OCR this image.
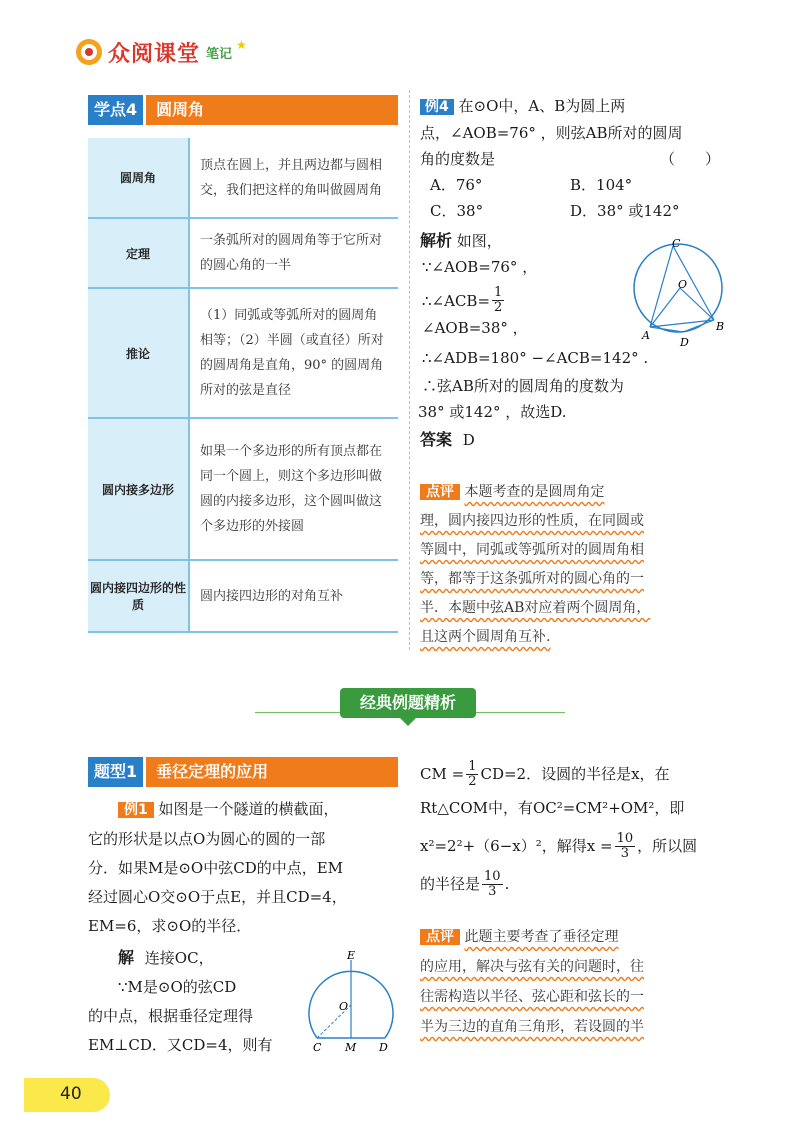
众阅课堂 笔记
★
学点4	圆周角
圆周角	顶点在圆上，并且两边都与圆相交，我们把这样的角叫做圆周角
定理	一条弧所对的圆周角等于它所对的圆心角的一半
推论	（1）同弧或等弧所对的圆周角相等；（2）半圆（或直径）所对的圆周角是直角，90° 的圆周角所对的弦是直径
圆内接多边形	如果一个多边形的所有顶点都在同一个圆上，则这个多边形叫做圆的内接多边形，这个圆叫做这个多边形的外接圆
圆内接四边形的性质	圆内接四边形的对角互补
例4 在⊙O中，A、B为圆上两
点，∠AOB=76° ，则弦AB所对的圆周
角的度数是	（　　）
A．76°	B．104°
C．38°	D．38° 或142°
解析 如图，
∵∠AOB=76° ，
∴∠ACB= $\frac{1}{2}$
∠AOB=38° ，
∴∠ADB=180° −∠ACB=142° .
∴弦AB所对的圆周角的度数为
38° 或142° ，故选D.
答案 D
C
O
A
B
D
点评 本题考查的是圆周角定
理，圆内接四边形的性质，在同圆或
等圆中，同弧或等弧所对的圆周角相
等，都等于这条弧所对的圆心角的一
半．本题中弦AB对应着两个圆周角，
且这两个圆周角互补.
经典例题精析
题型1	垂径定理的应用
例1 如图是一个隧道的横截面，
它的形状是以点O为圆心的圆的一部
分．如果M是⊙O中弦CD的中点，EM
经过圆心O交⊙O于点E，并且CD=4，
EM=6，求⊙O的半径．
解 连接OC，
∵M是⊙O的弦CD
的中点，根据垂径定理得
EM⊥CD．又CD=4，则有
E
O
C M D
CM = $\frac{1}{2} CD=2$．设圆的半径是x，在
Rt△COM中，有OC²=CM²+OM²，即
x²=2²+（6−x）²，解得$x = \frac{10}{3}$ ，所以圆
的半径是 $\frac{10}{3}$ .
点评 此题主要考查了垂径定理
的应用，解决与弦有关的问题时，往
往需构造以半径、弦心距和弦长的一
半为三边的直角三角形，若设圆的半
40
